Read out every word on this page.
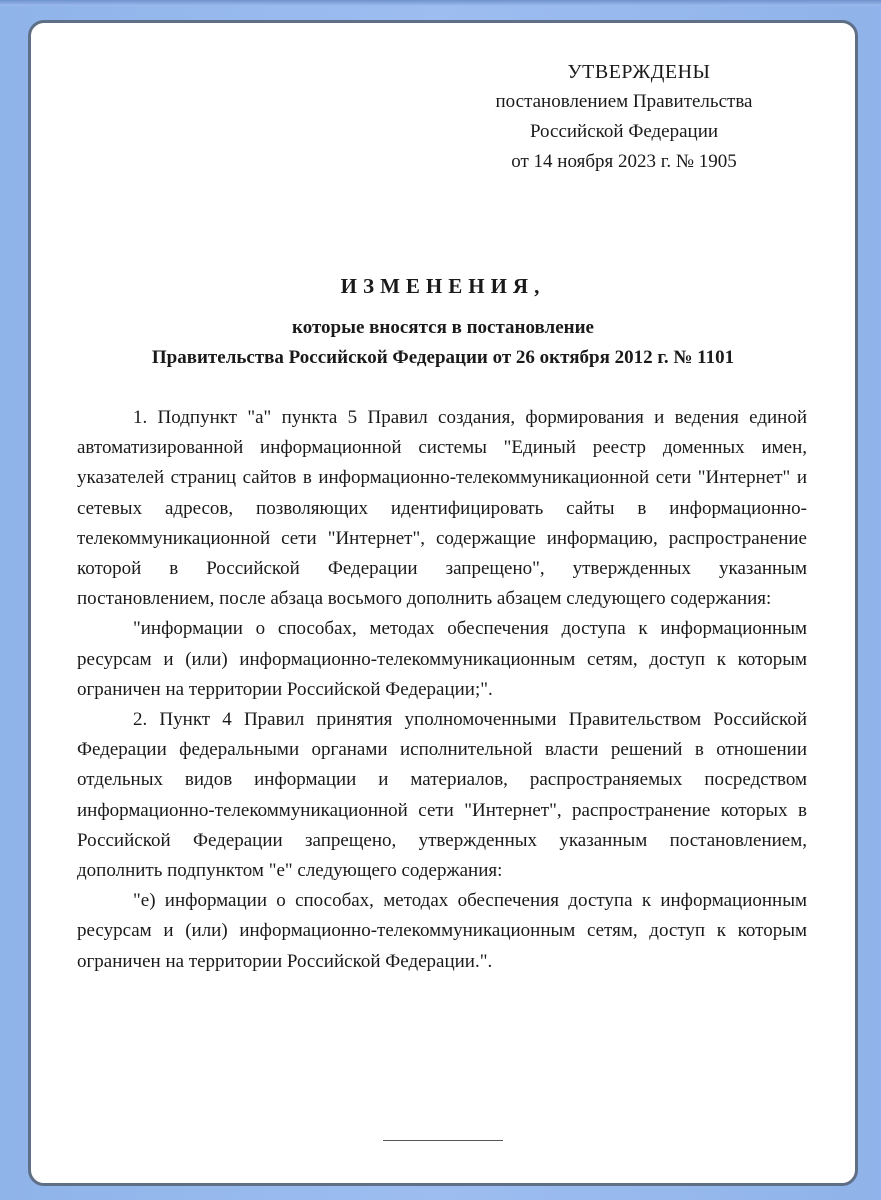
УТВЕРЖДЕНЫ
постановлением Правительства
Российской Федерации
от 14 ноября 2023 г. № 1905
ИЗМЕНЕНИЯ,
которые вносятся в постановление
Правительства Российской Федерации от 26 октября 2012 г. № 1101

1. Подпункт "а" пункта 5 Правил создания, формирования и ведения единой автоматизированной информационной системы "Единый реестр доменных имен, указателей страниц сайтов в информационно-телекоммуникационной сети "Интернет" и сетевых адресов, позволяющих идентифицировать сайты в информационно-телекоммуникационной сети "Интернет", содержащие информацию, распространение которой в Российской Федерации запрещено", утвержденных указанным постановлением, после абзаца восьмого дополнить абзацем следующего содержания:

"информации о способах, методах обеспечения доступа к информационным ресурсам и (или) информационно-телекоммуникационным сетям, доступ к которым ограничен на территории Российской Федерации;".

2. Пункт 4 Правил принятия уполномоченными Правительством Российской Федерации федеральными органами исполнительной власти решений в отношении отдельных видов информации и материалов, распространяемых посредством информационно-телекоммуникационной сети "Интернет", распространение которых в Российской Федерации запрещено, утвержденных указанным постановлением, дополнить подпунктом "е" следующего содержания:

"е) информации о способах, методах обеспечения доступа к информационным ресурсам и (или) информационно-телекоммуникационным сетям, доступ к которым ограничен на территории Российской Федерации.".
